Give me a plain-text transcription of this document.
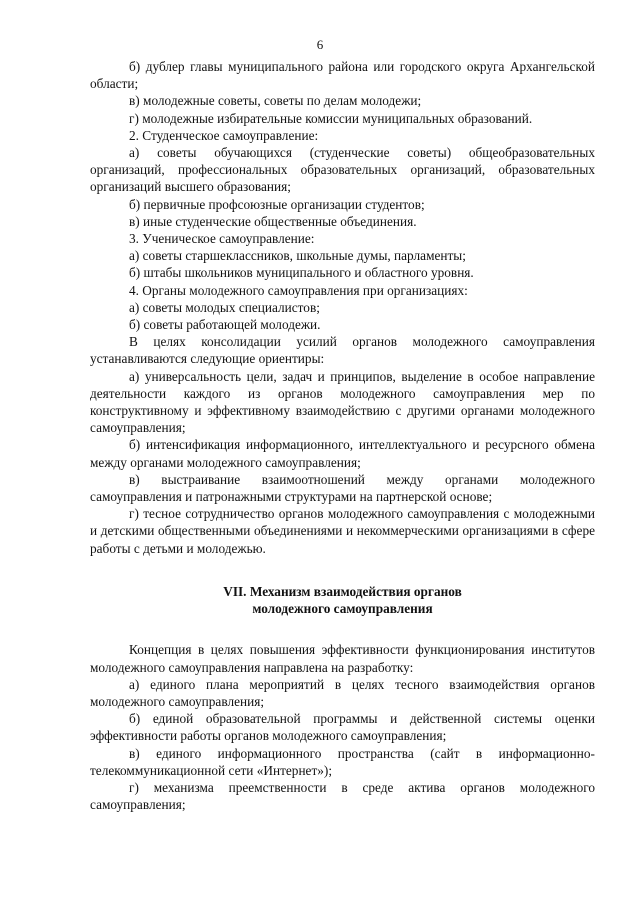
6

б) дублер главы муниципального района или городского округа Архангельской области;

в) молодежные советы, советы по делам молодежи;

г) молодежные избирательные комиссии муниципальных образований.

2. Студенческое самоуправление:

а) советы обучающихся (студенческие советы) общеобразовательных организаций, профессиональных образовательных организаций, образовательных организаций высшего образования;

б) первичные профсоюзные организации студентов;

в) иные студенческие общественные объединения.

3. Ученическое самоуправление:

а) советы старшеклассников, школьные думы, парламенты;

б) штабы школьников муниципального и областного уровня.

4. Органы молодежного самоуправления при организациях:

а) советы молодых специалистов;

б) советы работающей молодежи.

В целях консолидации усилий органов молодежного самоуправления устанавливаются следующие ориентиры:

а) универсальность цели, задач и принципов, выделение в особое направление деятельности каждого из органов молодежного самоуправления мер по конструктивному и эффективному взаимодействию с другими органами молодежного самоуправления;

б) интенсификация информационного, интеллектуального и ресурсного обмена между органами молодежного самоуправления;

в) выстраивание взаимоотношений между органами молодежного самоуправления и патронажными структурами на партнерской основе;

г) тесное сотрудничество органов молодежного самоуправления с молодежными и детскими общественными объединениями и некоммерческими организациями в сфере работы с детьми и молодежью.

VII. Механизм взаимодействия органов
молодежного самоуправления

Концепция в целях повышения эффективности функционирования институтов молодежного самоуправления направлена на разработку:

а) единого плана мероприятий в целях тесного взаимодействия органов молодежного самоуправления;

б) единой образовательной программы и действенной системы оценки эффективности работы органов молодежного самоуправления;

в) единого информационного пространства (сайт в информационно-телекоммуникационной сети «Интернет»);

г) механизма преемственности в среде актива органов молодежного самоуправления;
